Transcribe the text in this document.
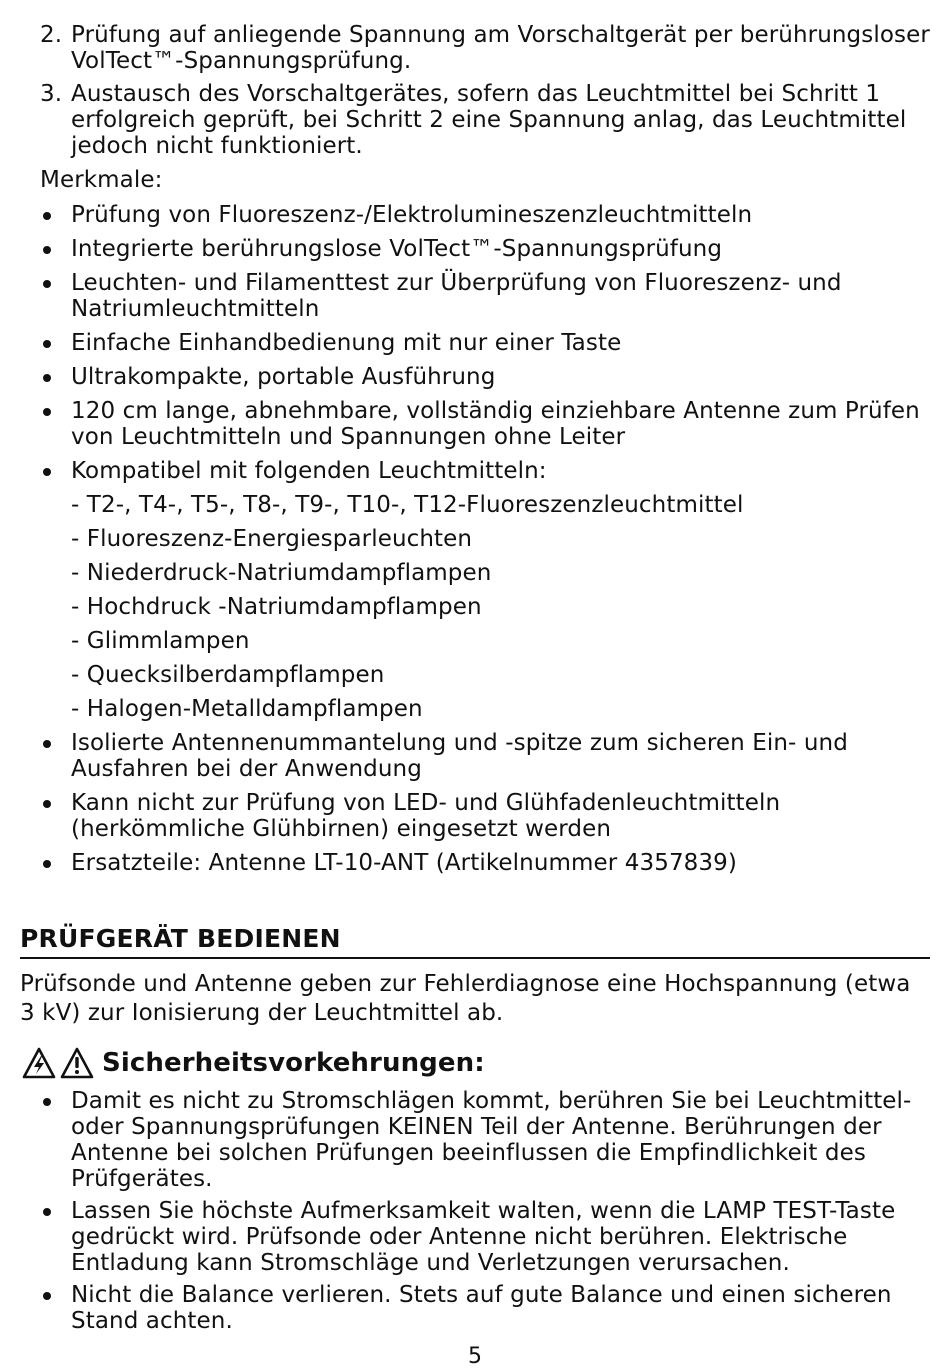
2. Prüfung auf anliegende Spannung am Vorschaltgerät per berührungsloser VolTect™-Spannungsprüfung.
3. Austausch des Vorschaltgerätes, sofern das Leuchtmittel bei Schritt 1 erfolgreich geprüft, bei Schritt 2 eine Spannung anlag, das Leuchtmittel jedoch nicht funktioniert.
Merkmale:
Prüfung von Fluoreszenz-/Elektrolumineszenzleuchtmitteln
Integrierte berührungslose VolTect™-Spannungsprüfung
Leuchten- und Filamenttest zur Überprüfung von Fluoreszenz- und Natriumleuchtmitteln
Einfache Einhandbedienung mit nur einer Taste
Ultrakompakte, portable Ausführung
120 cm lange, abnehmbare, vollständig einziehbare Antenne zum Prüfen von Leuchtmitteln und Spannungen ohne Leiter
Kompatibel mit folgenden Leuchtmitteln:
- T2-, T4-, T5-, T8-, T9-, T10-, T12-Fluoreszenzleuchtmittel
- Fluoreszenz-Energiesparleuchten
- Niederdruck-Natriumdampflampen
- Hochdruck -Natriumdampflampen
- Glimmlampen
- Quecksilberdampflampen
- Halogen-Metalldampflampen
Isolierte Antennenummantelung und -spitze zum sicheren Ein- und Ausfahren bei der Anwendung
Kann nicht zur Prüfung von LED- und Glühfadenleuchtmitteln (herkömmliche Glühbirnen) eingesetzt werden
Ersatzteile: Antenne LT-10-ANT (Artikelnummer 4357839)
PRÜFGERÄT BEDIENEN
Prüfsonde und Antenne geben zur Fehlerdiagnose eine Hochspannung (etwa 3 kV) zur Ionisierung der Leuchtmittel ab.
Sicherheitsvorkehrungen:
Damit es nicht zu Stromschlägen kommt, berühren Sie bei Leuchtmittel- oder Spannungsprüfungen KEINEN Teil der Antenne. Berührungen der Antenne bei solchen Prüfungen beeinflussen die Empfindlichkeit des Prüfgerätes.
Lassen Sie höchste Aufmerksamkeit walten, wenn die LAMP TEST-Taste gedrückt wird. Prüfsonde oder Antenne nicht berühren. Elektrische Entladung kann Stromschläge und Verletzungen verursachen.
Nicht die Balance verlieren. Stets auf gute Balance und einen sicheren Stand achten.
5
